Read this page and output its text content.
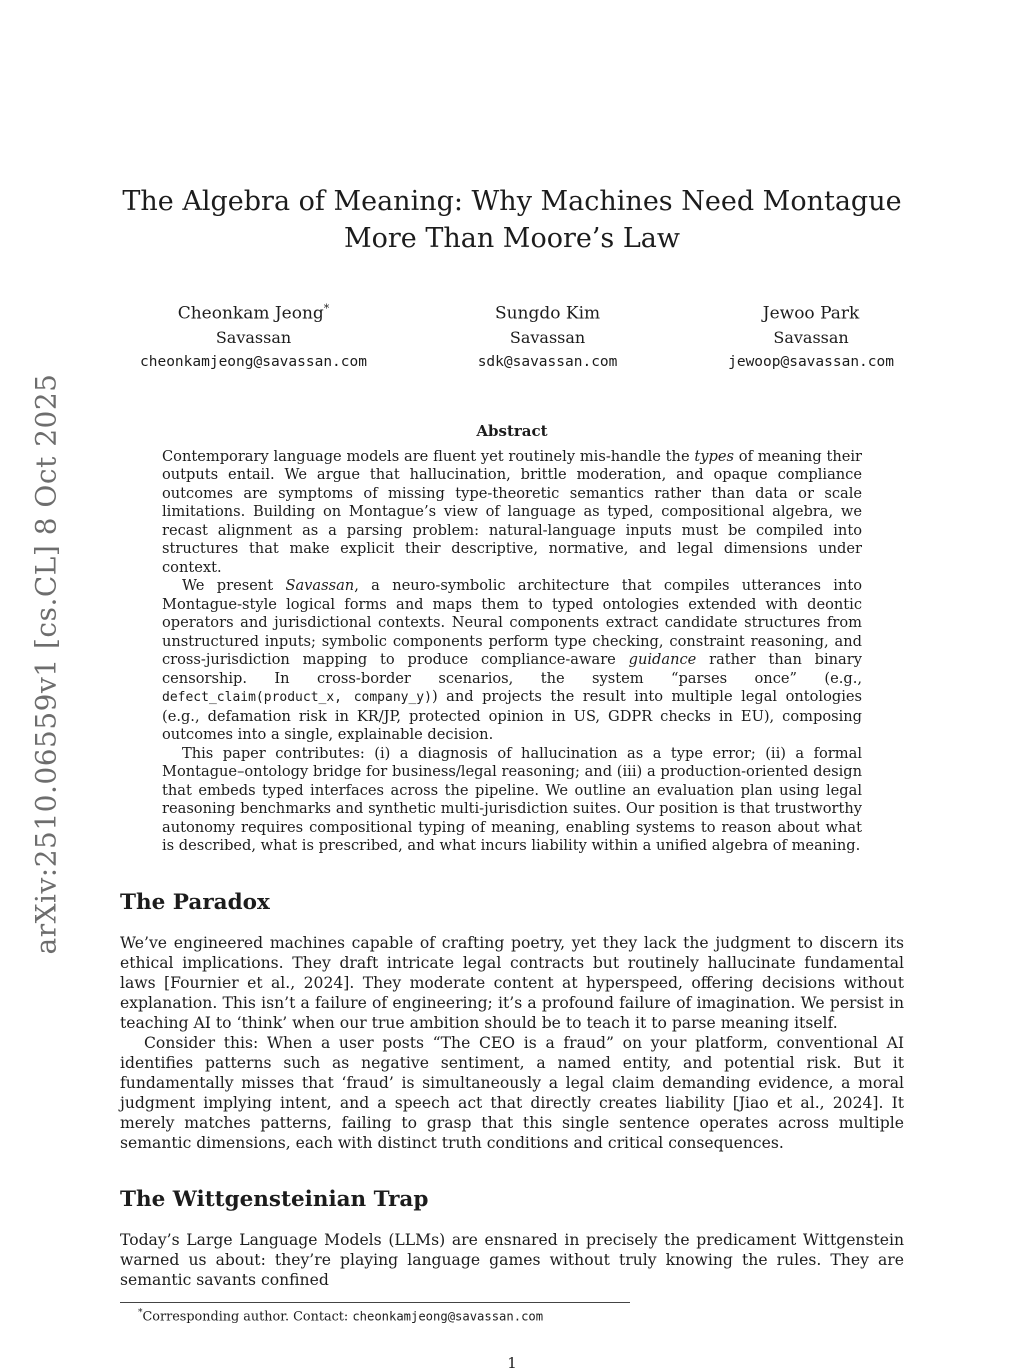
arXiv:2510.06559v1 [cs.CL] 8 Oct 2025
The Algebra of Meaning: Why Machines Need Montague More Than Moore’s Law
Cheonkam Jeong*
Savassan
cheonkamjeong@savassan.com
Sungdo Kim
Savassan
sdk@savassan.com
Jewoo Park
Savassan
jewoop@savassan.com
Abstract

Contemporary language models are fluent yet routinely mis-handle the types of meaning their outputs entail. We argue that hallucination, brittle moderation, and opaque compliance outcomes are symptoms of missing type-theoretic semantics rather than data or scale limitations. Building on Montague’s view of language as typed, compositional algebra, we recast alignment as a parsing problem: natural-language inputs must be compiled into structures that make explicit their descriptive, normative, and legal dimensions under context.

We present Savassan, a neuro-symbolic architecture that compiles utterances into Montague-style logical forms and maps them to typed ontologies extended with deontic operators and jurisdictional contexts. Neural components extract candidate structures from unstructured inputs; symbolic components perform type checking, constraint reasoning, and cross-jurisdiction mapping to produce compliance-aware guidance rather than binary censorship. In cross-border scenarios, the system “parses once” (e.g., defect_claim(product_x, company_y)) and projects the result into multiple legal ontologies (e.g., defamation risk in KR/JP, protected opinion in US, GDPR checks in EU), composing outcomes into a single, explainable decision.

This paper contributes: (i) a diagnosis of hallucination as a type error; (ii) a formal Montague–ontology bridge for business/legal reasoning; and (iii) a production-oriented design that embeds typed interfaces across the pipeline. We outline an evaluation plan using legal reasoning benchmarks and synthetic multi-jurisdiction suites. Our position is that trustworthy autonomy requires compositional typing of meaning, enabling systems to reason about what is described, what is prescribed, and what incurs liability within a unified algebra of meaning.

The Paradox

We’ve engineered machines capable of crafting poetry, yet they lack the judgment to discern its ethical implications. They draft intricate legal contracts but routinely hallucinate fundamental laws [Fournier et al., 2024]. They moderate content at hyperspeed, offering decisions without explanation. This isn’t a failure of engineering; it’s a profound failure of imagination. We persist in teaching AI to ‘think’ when our true ambition should be to teach it to parse meaning itself.

Consider this: When a user posts “The CEO is a fraud” on your platform, conventional AI identifies patterns such as negative sentiment, a named entity, and potential risk. But it fundamentally misses that ‘fraud’ is simultaneously a legal claim demanding evidence, a moral judgment implying intent, and a speech act that directly creates liability [Jiao et al., 2024]. It merely matches patterns, failing to grasp that this single sentence operates across multiple semantic dimensions, each with distinct truth conditions and critical consequences.

The Wittgensteinian Trap

Today’s Large Language Models (LLMs) are ensnared in precisely the predicament Wittgenstein warned us about: they’re playing language games without truly knowing the rules. They are semantic savants confined

*Corresponding author. Contact: cheonkamjeong@savassan.com
1
